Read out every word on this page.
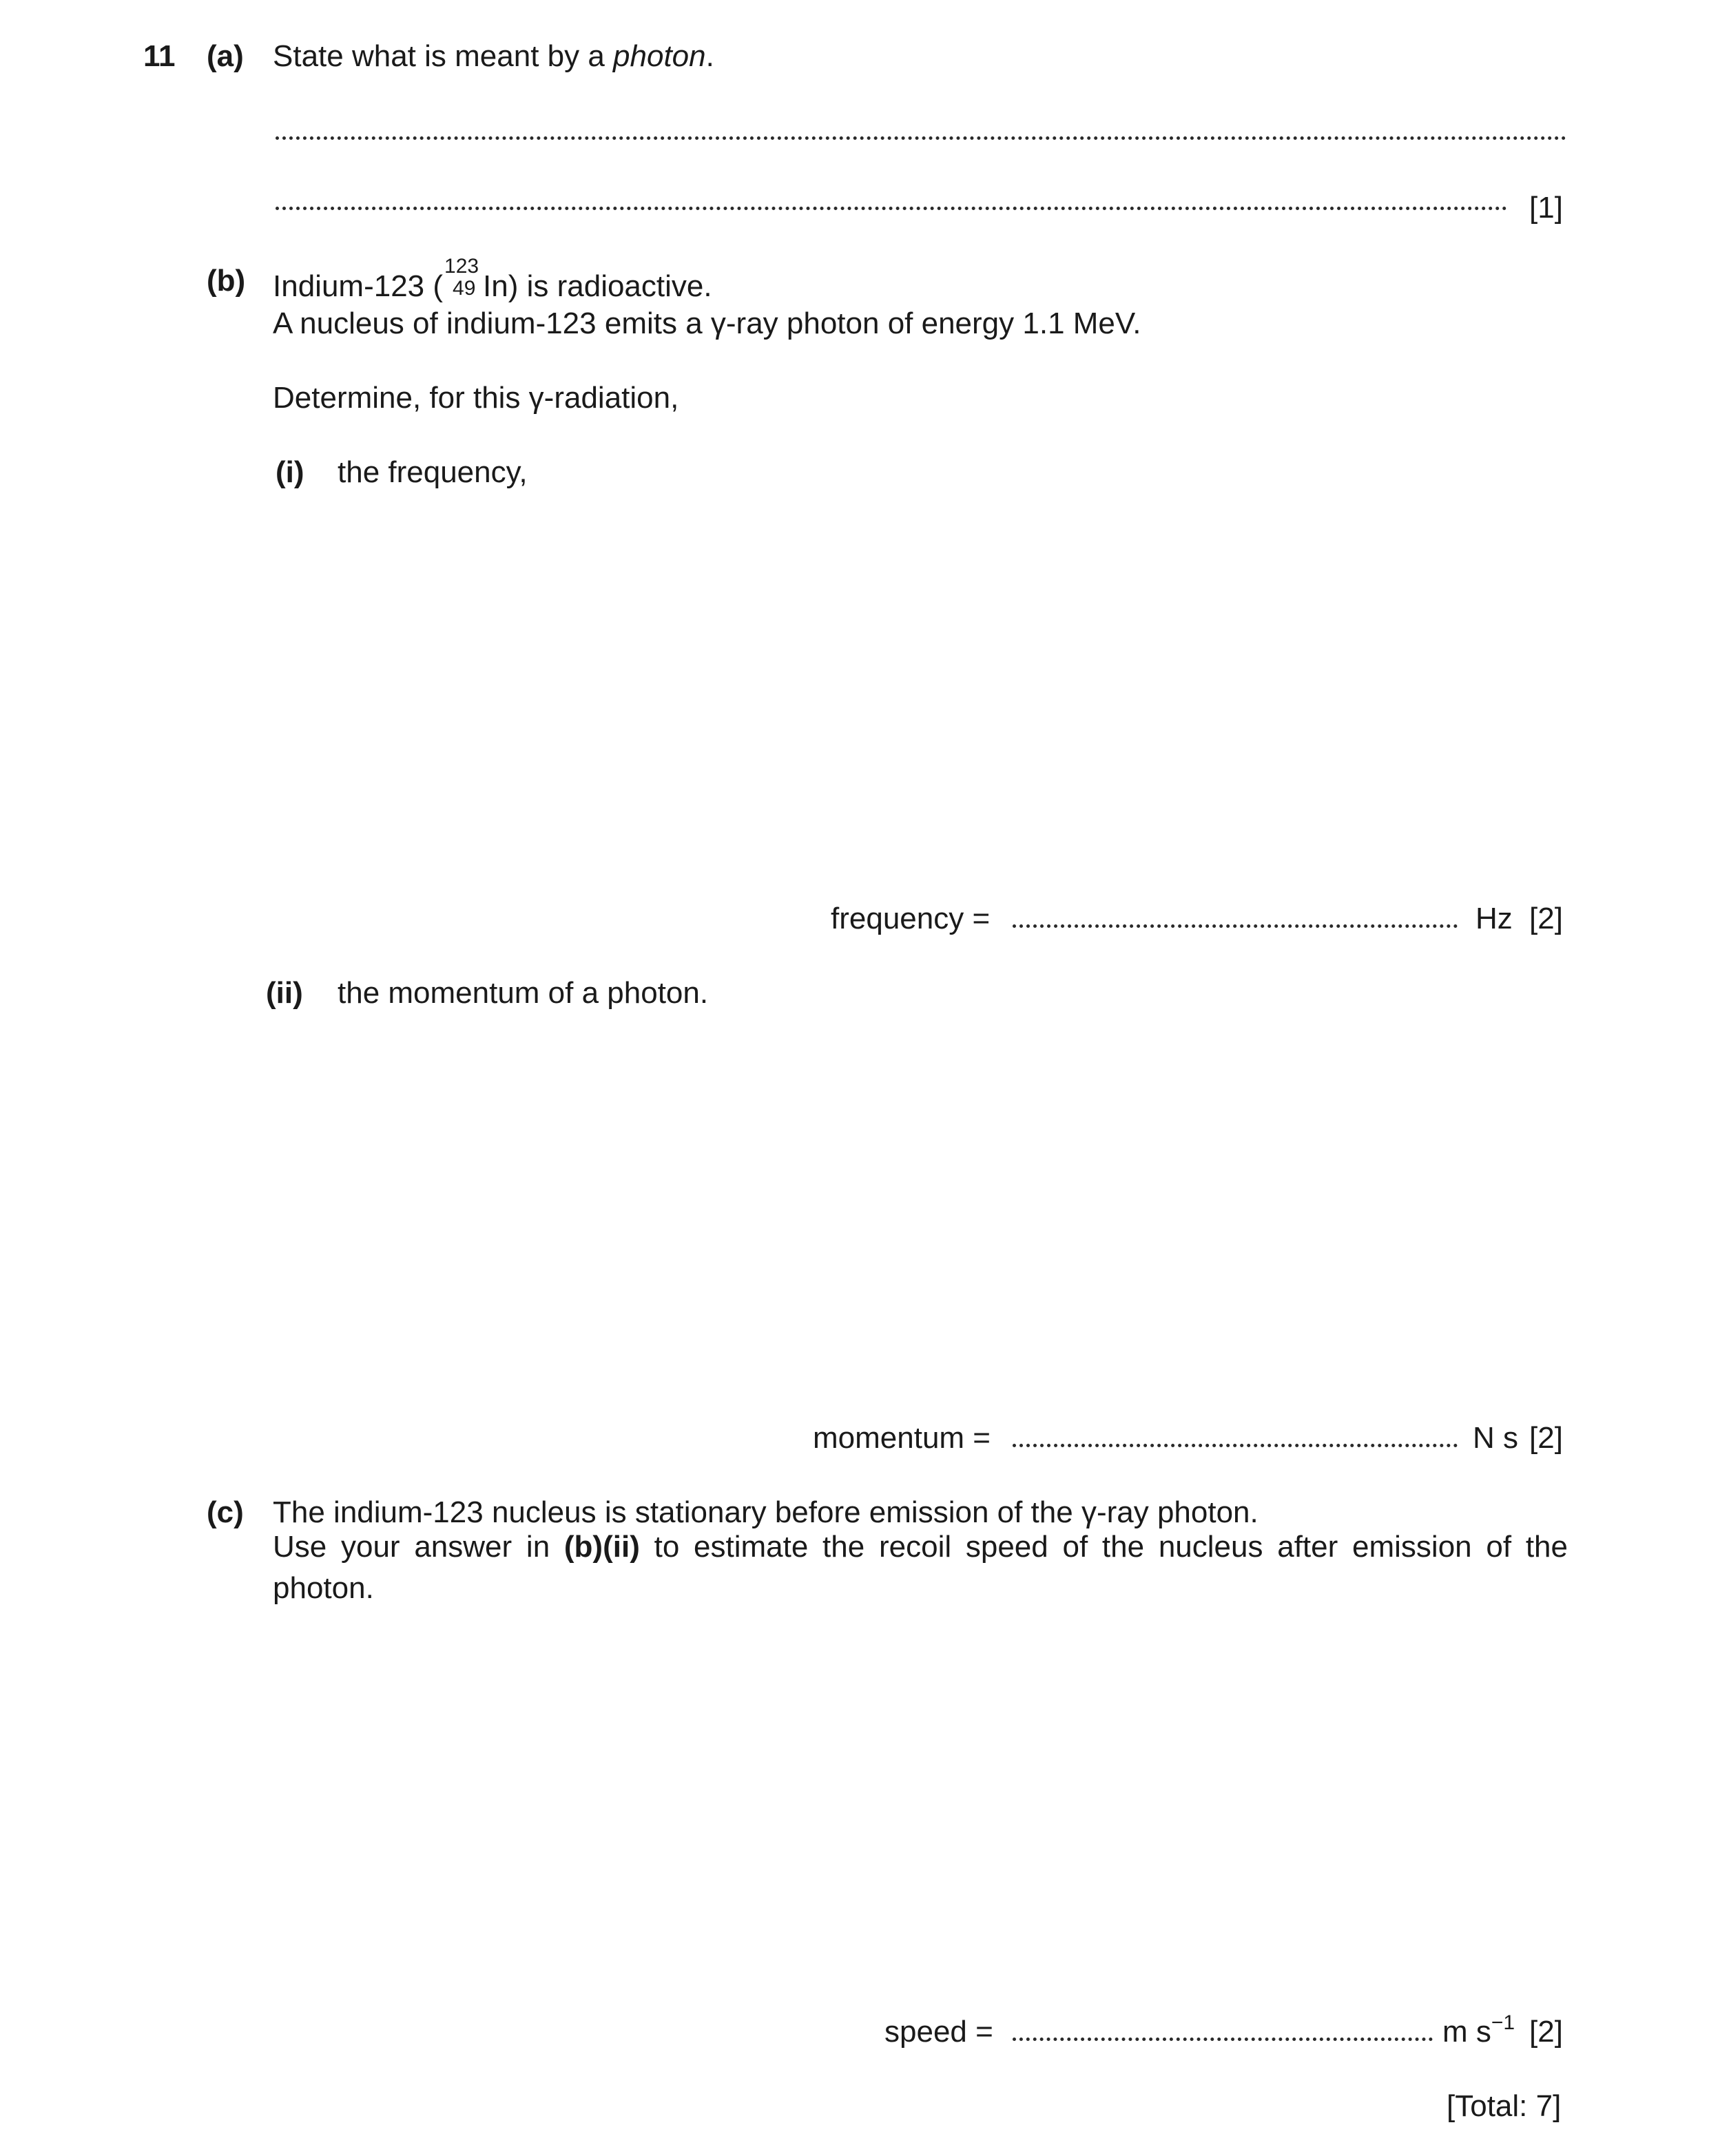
11 (a) State what is meant by a photon.
[1]
(b) Indium-123 (
123
49 In) is radioactive.
A nucleus of indium-123 emits a γ-ray photon of energy 1.1 MeV.
Determine, for this γ-radiation,
(i) the frequency,
frequency =	Hz [2]
(ii) the momentum of a photon.
momentum =	N s [2]
(c) The indium-123 nucleus is stationary before emission of the γ-ray photon.
Use your answer in (b)(ii) to estimate the recoil speed of the nucleus after emission of the
photon.
speed =	m $s^{-1}$ [2]
[Total: 7]
